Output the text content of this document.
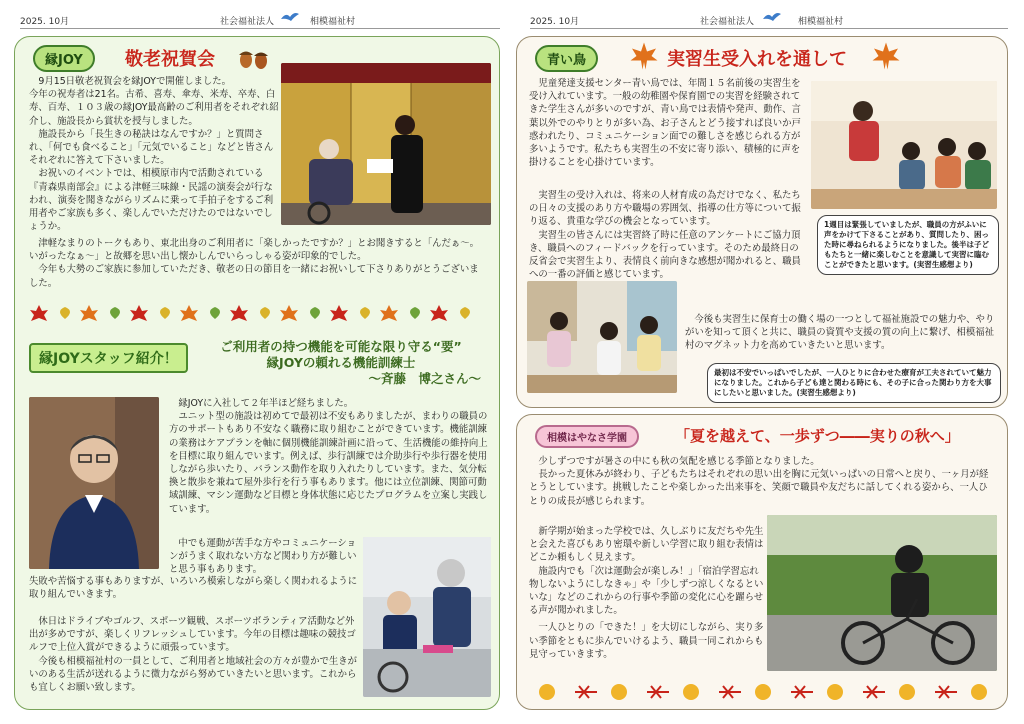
2025. 10月	社会福祉法人	相模福祉村	2025. 10月	社会福祉法人	相模福祉村
縁JOY	敬老祝賀会

9月15日敬老祝賀会を縁JOYで開催しました。

今年の祝寿者は21名。古希、喜寿、傘寿、米寿、卒寿、白寿、百寿、１０３歳の縁JOY最高齢のご利用者をそれぞれ紹介し、施設長から賞状を授与しました。

施設長から「長生きの秘訣はなんですか？」と質問され、「何でも食べること」「元気でいること」などと皆さんそれぞれに答えて下さいました。

お祝いのイベントでは、相模原市内で活動されている『青森県南部会』による津軽三味線・民謡の演奏会が行なわれ、演奏を聞きながらリズムに乗って手拍子をするご利用者やご家族も多く、楽しんでいただけたのではないでしょうか。

津軽なまりのトークもあり、東北出身のご利用者に「楽しかったですか？」とお聞きすると「んだぁ～。いがったなぁ～」と故郷を思い出し懐かしんでいらっしゃる姿が印象的でした。

今年も大勢のご家族に参加していただき、敬老の日の節目を一緒にお祝いして下さりありがとうございました。

縁JOYスタッフ紹介！
ご利用者の持つ機能を可能な限り守る“要”
縁JOYの頼れる機能訓練士
～斉藤　博之さん～

縁JOYに入社して２年半ほど経ちました。

ユニット型の施設は初めてで最初は不安もありましたが、まわりの職員の方のサポートもあり不安なく職務に取り組むことができています。機能訓練の業務はケアプランを軸に個別機能訓練計画に沿って、生活機能の維持向上を目標に取り組んでいます。例えば、歩行訓練では介助歩行や歩行器を使用しながら歩いたり、バランス動作を取り入れたりしています。また、気分転換と散歩を兼ねて屋外歩行を行う事もあります。他には立位訓練、関節可動域訓練、マシン運動など目標と身体状態に応じたプログラムを立案し実践しています。

中でも運動が苦手な方やコミュニケーションがうまく取れない方など関わり方が難しいと思う事もあります。

失敗や苦悩する事もありますが、いろいろ模索しながら楽しく関われるように取り組んでいきます。

休日はドライブやゴルフ、スポーツ観戦、スポーツボランティア活動など外出が多めですが、楽しくリフレッシュしています。今年の目標は趣味の競技ゴルフで上位入賞ができるように頑張っています。

今後も相模福祉村の一員として、ご利用者と地域社会の方々が豊かで生きがいのある生活が送れるように微力ながら努めていきたいと思います。これからも宜しくお願い致します。

青い鳥	実習生受入れを通して

児童発達支援センター青い鳥では、年間１５名前後の実習生を受け入れています。一般の幼稚園や保育園での実習を経験されてきた学生さんが多いのですが、青い鳥では表情や発声、動作、言葉以外でのやりとりが多い為、お子さんとどう接すれば良いか戸惑われたり、コミュニケーション面での難しさを感じられる方が多いようです。私たちも実習生の不安に寄り添い、積極的に声を掛けることを心掛けています。

実習生の受け入れは、将来の人材育成の為だけでなく、私たちの日々の支援のあり方や職場の雰囲気、指導の仕方等について振り返る、貴重な学びの機会となっています。

実習生の皆さんには実習終了時に任意のアンケートにご協力頂き、職員へのフィードバックを行っています。そのため最終日の反省会で実習生より、表情良く前向きな感想が聞かれると、職員への一番の評価と感じています。

今後も実習生に保育士の働く場の一つとして福祉施設での魅力や、やりがいを知って頂くと共に、職員の資質や支援の質の向上に繋げ、相模福祉村のマグネット力を高めていきたいと思います。

1週目は緊張していましたが、職員の方がふいに声をかけて下さることがあり、質問したり、困った時に尋ねられるようになりました。後半は子どもたちと一緒に楽しむことを意識して実習に臨むことができたと思います。(実習生感想より)
最初は不安でいっぱいでしたが、一人ひとりに合わせた療育が工夫されていて魅力になりました。これから子ども達と関わる時にも、その子に合った関わり方を大事にしたいと思いました。(実習生感想より)
相模はやなさ学園	「夏を越えて、一歩ずつ――実りの秋へ」

少しずつですが暑さの中にも秋の気配を感じる季節となりました。

長かった夏休みが終わり、子どもたちはそれぞれの思い出を胸に元気いっぱいの日常へと戻り、一ヶ月が経とうとしています。挑戦したことや楽しかった出来事を、笑顔で職員や友だちに話してくれる姿から、一人ひとりの成長が感じられます。

新学期が始まった学校では、久しぶりに友だちや先生と会えた喜びもあり密環や新しい学習に取り組む表情はどこか頼もしく見えます。

施設内でも「次は運動会が楽しみ！」「宿泊学習忘れ物しないようにしなきゃ」や「少しずつ涼しくなるといいな」などのこれからの行事や季節の変化に心を躍らせる声が聞かれました。

一人ひとりの「できた！」を大切にしながら、実り多い季節をともに歩んでいけるよう、職員一同これからも見守っていきます。
